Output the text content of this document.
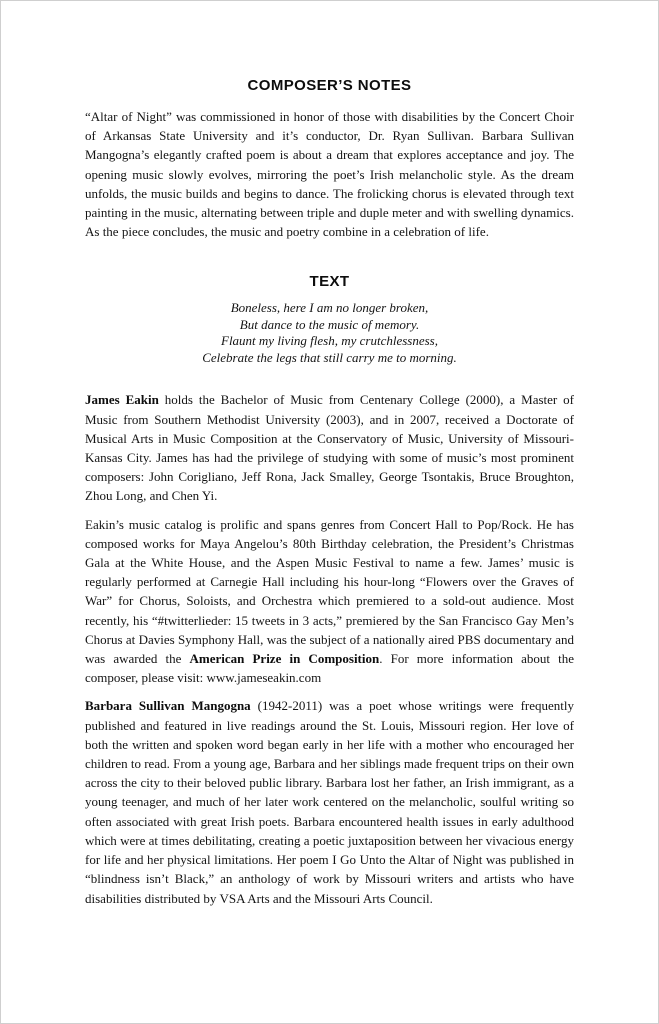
COMPOSER’S NOTES

“Altar of Night” was commissioned in honor of those with disabilities by the Concert Choir of Arkansas State University and it’s conductor, Dr. Ryan Sullivan. Barbara Sullivan Mangogna’s elegantly crafted poem is about a dream that explores acceptance and joy. The opening music slowly evolves, mirroring the poet’s Irish melancholic style. As the dream unfolds, the music builds and begins to dance. The frolicking chorus is elevated through text painting in the music, alternating between triple and duple meter and with swelling dynamics. As the piece concludes, the music and poetry combine in a celebration of life.

TEXT
Boneless, here I am no longer broken,
But dance to the music of memory.
Flaunt my living flesh, my crutchlessness,
Celebrate the legs that still carry me to morning.

James Eakin holds the Bachelor of Music from Centenary College (2000), a Master of Music from Southern Methodist University (2003), and in 2007, received a Doctorate of Musical Arts in Music Composition at the Conservatory of Music, University of Missouri-Kansas City. James has had the privilege of studying with some of music’s most prominent composers: John Corigliano, Jeff Rona, Jack Smalley, George Tsontakis, Bruce Broughton, Zhou Long, and Chen Yi.

Eakin’s music catalog is prolific and spans genres from Concert Hall to Pop/Rock. He has composed works for Maya Angelou’s 80th Birthday celebration, the President’s Christmas Gala at the White House, and the Aspen Music Festival to name a few. James’ music is regularly performed at Carnegie Hall including his hour-long “Flowers over the Graves of War” for Chorus, Soloists, and Orchestra which premiered to a sold-out audience. Most recently, his “#twitterlieder: 15 tweets in 3 acts,” premiered by the San Francisco Gay Men’s Chorus at Davies Symphony Hall, was the subject of a nationally aired PBS documentary and was awarded the American Prize in Composition. For more information about the composer, please visit: www.jameseakin.com

Barbara Sullivan Mangogna (1942-2011) was a poet whose writings were frequently published and featured in live readings around the St. Louis, Missouri region. Her love of both the written and spoken word began early in her life with a mother who encouraged her children to read. From a young age, Barbara and her siblings made frequent trips on their own across the city to their beloved public library. Barbara lost her father, an Irish immigrant, as a young teenager, and much of her later work centered on the melancholic, soulful writing so often associated with great Irish poets. Barbara encountered health issues in early adulthood which were at times debilitating, creating a poetic juxtaposition between her vivacious energy for life and her physical limitations. Her poem I Go Unto the Altar of Night was published in “blindness isn’t Black,” an anthology of work by Missouri writers and artists who have disabilities distributed by VSA Arts and the Missouri Arts Council.
